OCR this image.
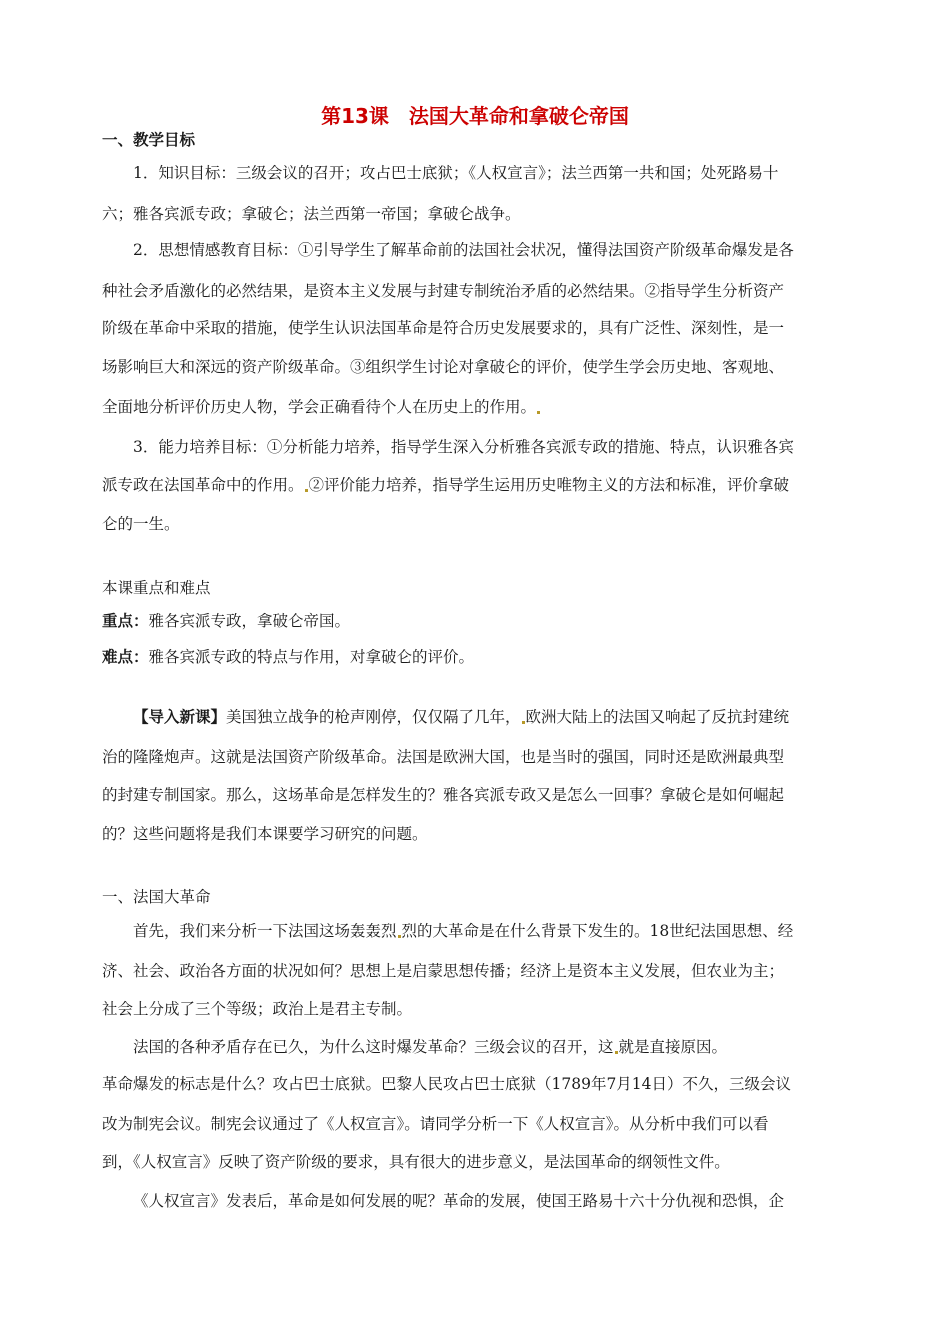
第13课　法国大革命和拿破仑帝国
一、教学目标
1．知识目标：三级会议的召开；攻占巴士底狱；《人权宣言》；法兰西第一共和国；处死路易十
六；雅各宾派专政；拿破仑；法兰西第一帝国；拿破仑战争。
2．思想情感教育目标：①引导学生了解革命前的法国社会状况，懂得法国资产阶级革命爆发是各
种社会矛盾激化的必然结果，是资本主义发展与封建专制统治矛盾的必然结果。②指导学生分析资产
阶级在革命中采取的措施，使学生认识法国革命是符合历史发展要求的，具有广泛性、深刻性，是一
场影响巨大和深远的资产阶级革命。③组织学生讨论对拿破仑的评价，使学生学会历史地、客观地、
全面地分析评价历史人物，学会正确看待个人在历史上的作用。
3．能力培养目标：①分析能力培养，指导学生深入分析雅各宾派专政的措施、特点，认识雅各宾
派专政在法国革命中的作用。 ②评价能力培养，指导学生运用历史唯物主义的方法和标准，评价拿破
仑的一生。
本课重点和难点
重点：雅各宾派专政，拿破仑帝国。
难点：雅各宾派专政的特点与作用，对拿破仑的评价。
【导入新课】美国独立战争的枪声刚停，仅仅隔了几年， 欧洲大陆上的法国又响起了反抗封建统
治的隆隆炮声。这就是法国资产阶级革命。法国是欧洲大国，也是当时的强国，同时还是欧洲最典型
的封建专制国家。那么，这场革命是怎样发生的？雅各宾派专政又是怎么一回事？拿破仑是如何崛起
的？这些问题将是我们本课要学习研究的问题。
一、法国大革命
首先，我们来分析一下法国这场轰轰烈 烈的大革命是在什么背景下发生的。18世纪法国思想、经
济、社会、政治各方面的状况如何？思想上是启蒙思想传播；经济上是资本主义发展，但农业为主；
社会上分成了三个等级；政治上是君主专制。
法国的各种矛盾存在已久，为什么这时爆发革命？三级会议的召开，这 就是直接原因。
革命爆发的标志是什么？攻占巴士底狱。巴黎人民攻占巴士底狱（1789年7月14日）不久，三级会议
改为制宪会议。制宪会议通过了《人权宣言》。请同学分析一下《人权宣言》。从分析中我们可以看
到，《人权宣言》反映了资产阶级的要求，具有很大的进步意义，是法国革命的纲领性文件。
《人权宣言》发表后，革命是如何发展的呢？革命的发展，使国王路易十六十分仇视和恐惧，企
